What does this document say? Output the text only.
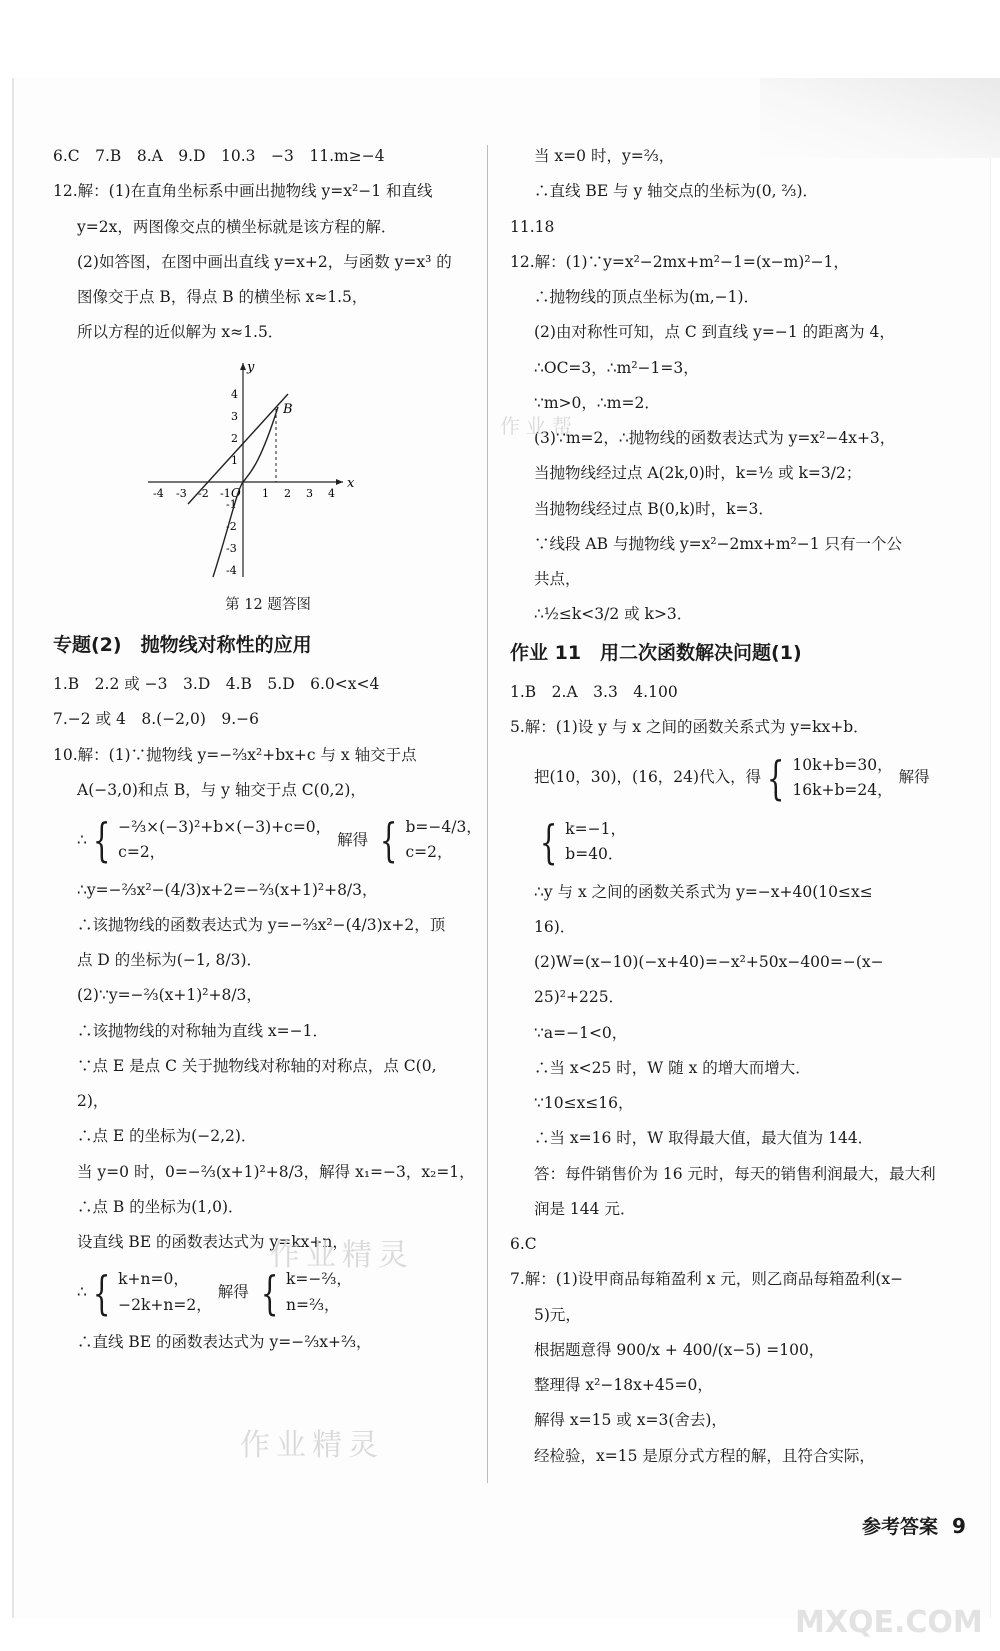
6.C　7.B　8.A　9.D　10.3　−3　11.m≥−4
12.解：(1)在直角坐标系中画出抛物线 y=x²−1 和直线
y=2x，两图像交点的横坐标就是该方程的解．
(2)如答图，在图中画出直线 y=x+2，与函数 y=x³ 的
图像交于点 B，得点 B 的横坐标 x≈1.5，
所以方程的近似解为 x≈1.5．
x
y
O
B
-4 -3 -2 -1	1 2 3 4
-1
-2
-3
-4
1
2
3
4
第 12 题答图
专题(2)　抛物线对称性的应用
1.B　2.2 或 −3　3.D　4.B　5.D　6.0<x<4
7.−2 或 4　8.(−2,0)　9.−6
10.解：(1)∵抛物线 y=−⅔x²+bx+c 与 x 轴交于点
A(−3,0)和点 B，与 y 轴交于点 C(0,2)，
∴ { −⅔×(−3)²+b×(−3)+c=0，
c=2，
解得 { b=−4/3，
c=2，
∴y=−⅔x²−(4/3)x+2=−⅔(x+1)²+8/3，
∴该抛物线的函数表达式为 y=−⅔x²−(4/3)x+2，顶
点 D 的坐标为(−1, 8/3)．
(2)∵y=−⅔(x+1)²+8/3，
∴该抛物线的对称轴为直线 x=−1．
∵点 E 是点 C 关于抛物线对称轴的对称点，点 C(0,
2)，
∴点 E 的坐标为(−2,2)．
当 y=0 时，0=−⅔(x+1)²+8/3，解得 x₁=−3，x₂=1，
∴点 B 的坐标为(1,0)．
设直线 BE 的函数表达式为 y=kx+n，
∴ { k+n=0，
−2k+n=2，
解得 { k=−⅔，
n=⅔，
∴直线 BE 的函数表达式为 y=−⅔x+⅔，
当 x=0 时，y=⅔，
∴直线 BE 与 y 轴交点的坐标为(0, ⅔)．
11.18
12.解：(1)∵y=x²−2mx+m²−1=(x−m)²−1，
∴抛物线的顶点坐标为(m,−1)．
(2)由对称性可知，点 C 到直线 y=−1 的距离为 4，
∴OC=3，∴m²−1=3，
∵m>0，∴m=2．
(3)∵m=2，∴抛物线的函数表达式为 y=x²−4x+3，
当抛物线经过点 A(2k,0)时，k=½ 或 k=3/2；
当抛物线经过点 B(0,k)时，k=3．
∵线段 AB 与抛物线 y=x²−2mx+m²−1 只有一个公
共点，
∴½≤k<3/2 或 k>3．
作业 11　用二次函数解决问题(1)
1.B　2.A　3.3　4.100
5.解：(1)设 y 与 x 之间的函数关系式为 y=kx+b．
把(10，30)，(16，24)代入，得 { 10k+b=30，
16k+b=24，
解得
{ k=−1，
b=40．
∴y 与 x 之间的函数关系式为 y=−x+40(10≤x≤
16)．
(2)W=(x−10)(−x+40)=−x²+50x−400=−(x−
25)²+225．
∵a=−1<0，
∴当 x<25 时，W 随 x 的增大而增大．
∵10≤x≤16，
∴当 x=16 时，W 取得最大值，最大值为 144．
答：每件销售价为 16 元时，每天的销售利润最大，最大利
润是 144 元．
6.C
7.解：(1)设甲商品每箱盈利 x 元，则乙商品每箱盈利(x−
5)元，
根据题意得 900/x + 400/(x−5) =100，
整理得 x²−18x+45=0，
解得 x=15 或 x=3(舍去)，
经检验，x=15 是原分式方程的解，且符合实际，
作业精灵
作业精灵
作业帮
参考答案 9
MXQE.COM
